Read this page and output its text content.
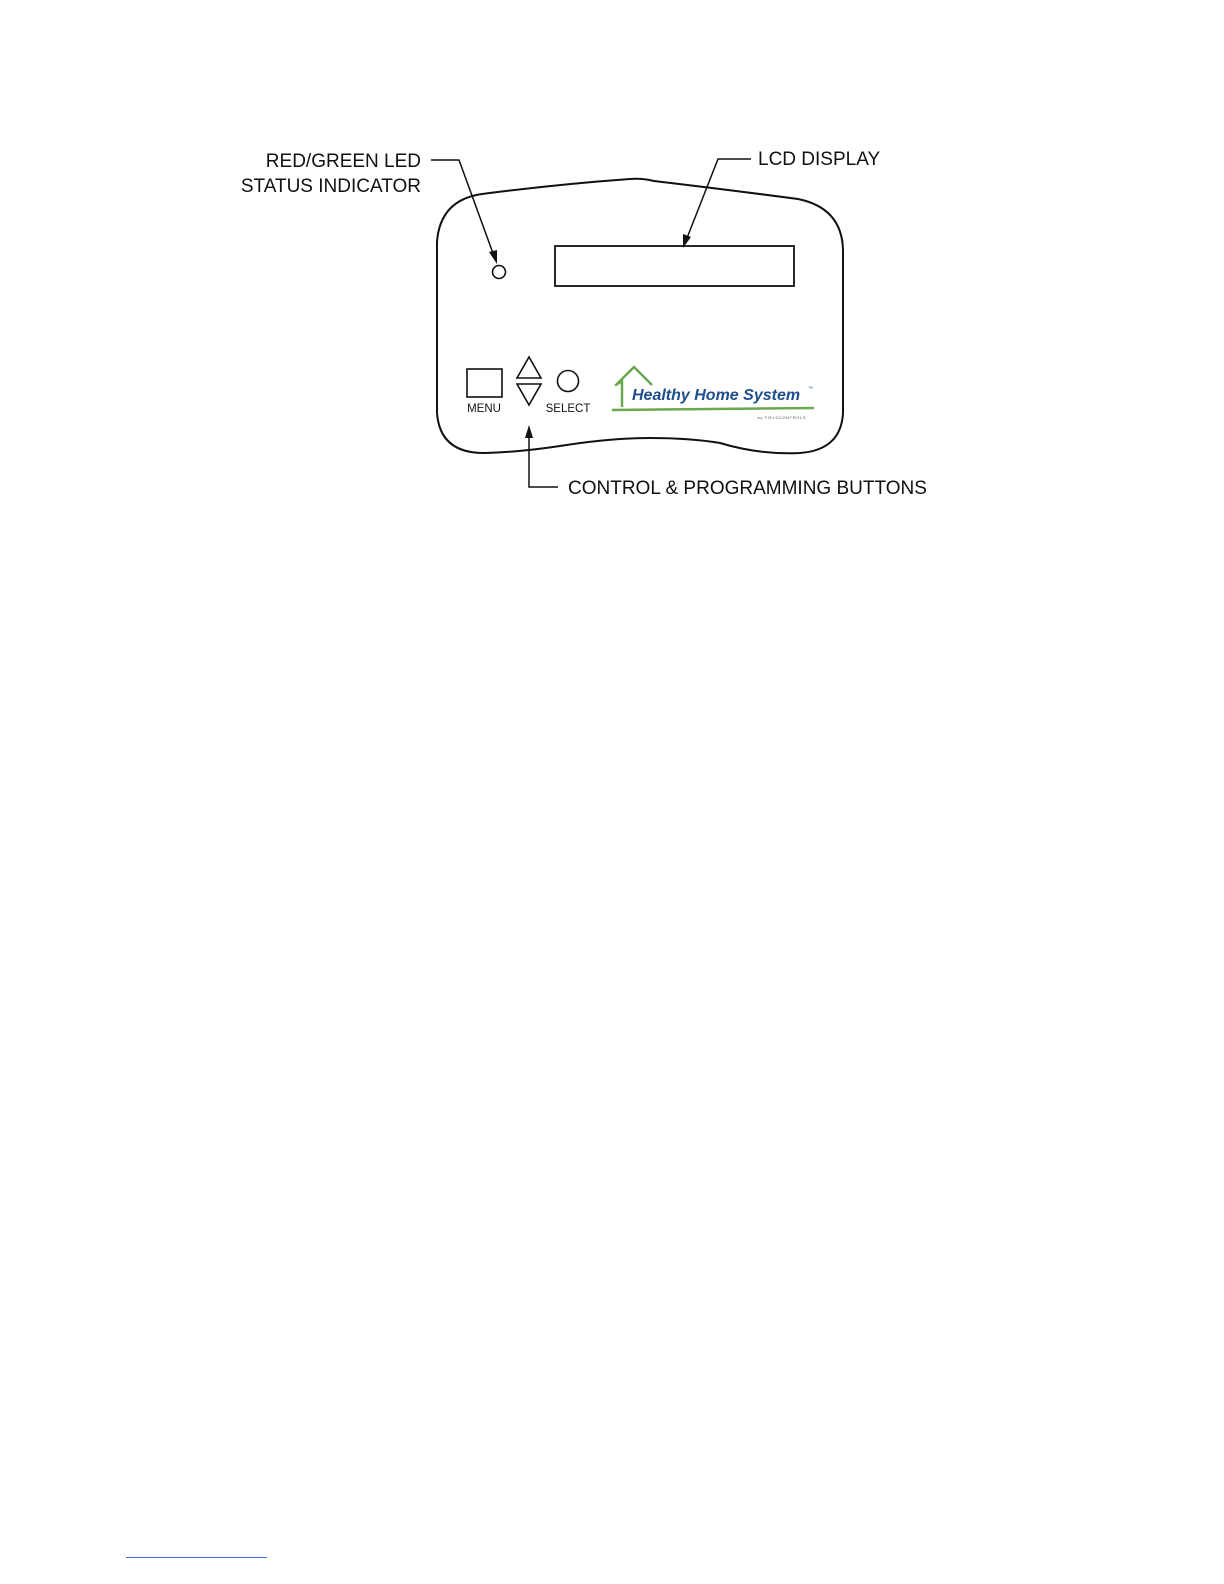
MENU	SELECT
Healthy Home System ™
by FIELDCONTROLS
RED/GREEN LED
STATUS INDICATOR
LCD DISPLAY
CONTROL & PROGRAMMING BUTTONS
